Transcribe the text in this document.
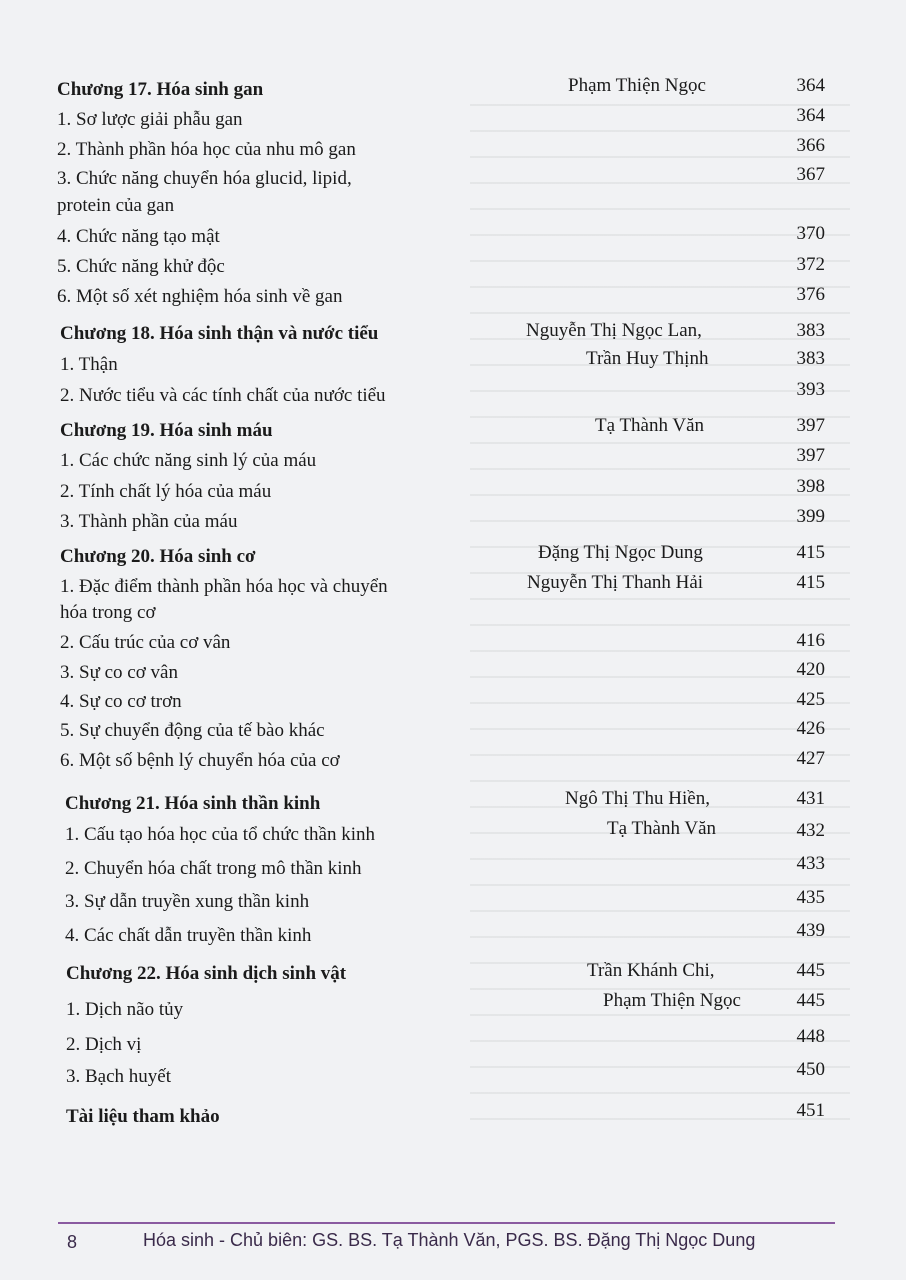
Chương 17. Hóa sinh gan	Phạm Thiện Ngọc	364
1. Sơ lược giải phẫu gan	364
2. Thành phần hóa học của nhu mô gan	366
3. Chức năng chuyển hóa glucid, lipid,
protein của gan
367
4. Chức năng tạo mật	370
5. Chức năng khử độc	372
6. Một số xét nghiệm hóa sinh về gan	376
Chương 18. Hóa sinh thận và nước tiểu	Nguyễn Thị Ngọc Lan,	383
Trần Huy Thịnh
1. Thận	383
2. Nước tiểu và các tính chất của nước tiểu	393
Chương 19. Hóa sinh máu	Tạ Thành Văn	397
1. Các chức năng sinh lý của máu	397
2. Tính chất lý hóa của máu	398
3. Thành phần của máu	399
Chương 20. Hóa sinh cơ	Đặng Thị Ngọc Dung	415
Nguyễn Thị Thanh Hải
1. Đặc điểm thành phần hóa học và chuyển
hóa trong cơ
415
2. Cấu trúc của cơ vân	416
3. Sự co cơ vân	420
4. Sự co cơ trơn	425
5. Sự chuyển động của tế bào khác	426
6. Một số bệnh lý chuyển hóa của cơ	427
Chương 21. Hóa sinh thần kinh	Ngô Thị Thu Hiền,	431
Tạ Thành Văn
1. Cấu tạo hóa học của tổ chức thần kinh	432
2. Chuyển hóa chất trong mô thần kinh	433
3. Sự dẫn truyền xung thần kinh	435
4. Các chất dẫn truyền thần kinh	439
Chương 22. Hóa sinh dịch sinh vật	Trần Khánh Chi,	445
Phạm Thiện Ngọc
1. Dịch não tủy	445
2. Dịch vị	448
3. Bạch huyết	450
Tài liệu tham khảo	451
8	Hóa sinh - Chủ biên: GS. BS. Tạ Thành Văn, PGS. BS. Đặng Thị Ngọc Dung
